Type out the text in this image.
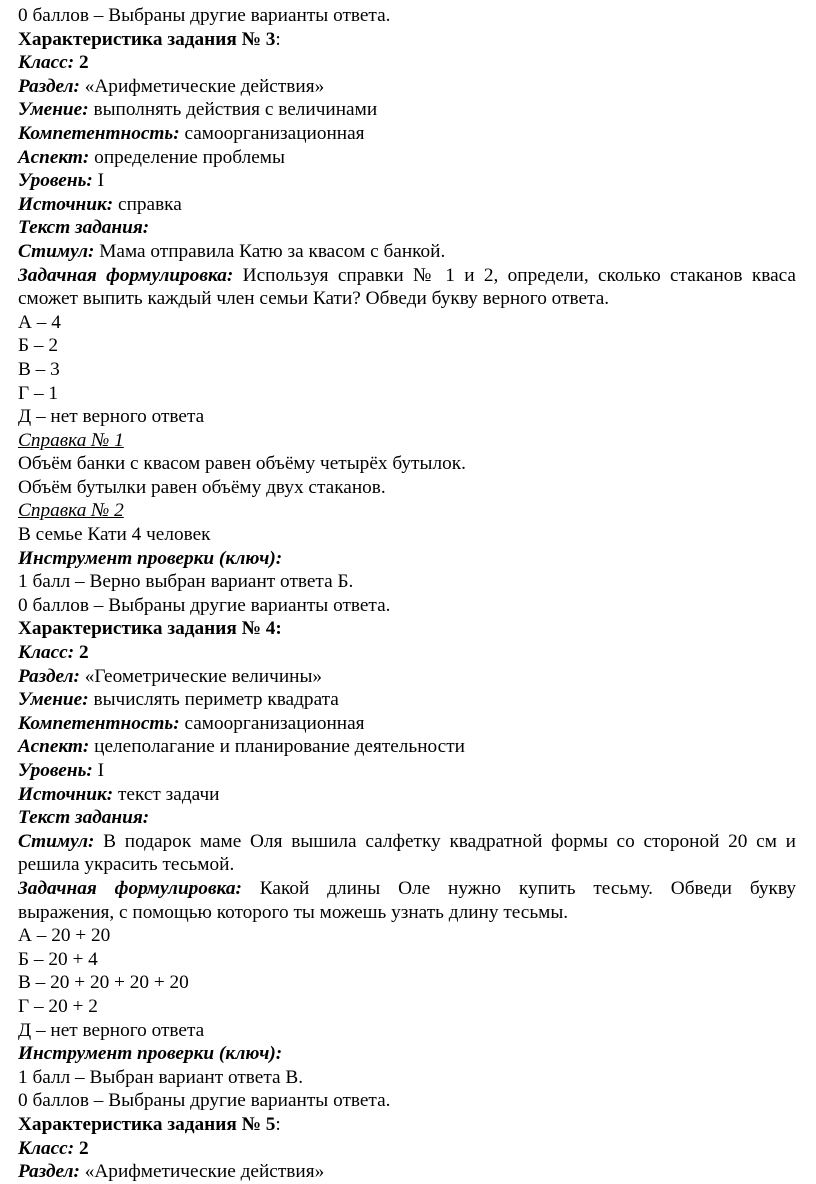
0 баллов – Выбраны другие варианты ответа.
Характеристика задания № 3:
Класс: 2
Раздел: «Арифметические действия»
Умение: выполнять действия с величинами
Компетентность: самоорганизационная
Аспект: определение проблемы
Уровень: I
Источник: справка
Текст задания:
Стимул: Мама отправила Катю за квасом с банкой.
Задачная формулировка: Используя справки № 1 и 2, определи, сколько стаканов кваса
сможет выпить каждый член семьи Кати? Обведи букву верного ответа.
А – 4
Б – 2
В – 3
Г – 1
Д – нет верного ответа
Справка № 1
Объём банки с квасом равен объёму четырёх бутылок.
Объём бутылки равен объёму двух стаканов.
Справка № 2
В семье Кати 4 человек
Инструмент проверки (ключ):
1 балл – Верно выбран вариант ответа Б.
0 баллов – Выбраны другие варианты ответа.
Характеристика задания № 4:
Класс: 2
Раздел: «Геометрические величины»
Умение: вычислять периметр квадрата
Компетентность: самоорганизационная
Аспект: целеполагание и планирование деятельности
Уровень: I
Источник: текст задачи
Текст задания:
Стимул: В подарок маме Оля вышила салфетку квадратной формы со стороной 20 см и
решила украсить тесьмой.
Задачная формулировка: Какой длины Оле нужно купить тесьму. Обведи букву
выражения, с помощью которого ты можешь узнать длину тесьмы.
А – 20 + 20
Б – 20 + 4
В – 20 + 20 + 20 + 20
Г – 20 + 2
Д – нет верного ответа
Инструмент проверки (ключ):
1 балл – Выбран вариант ответа В.
0 баллов – Выбраны другие варианты ответа.
Характеристика задания № 5:
Класс: 2
Раздел: «Арифметические действия»
